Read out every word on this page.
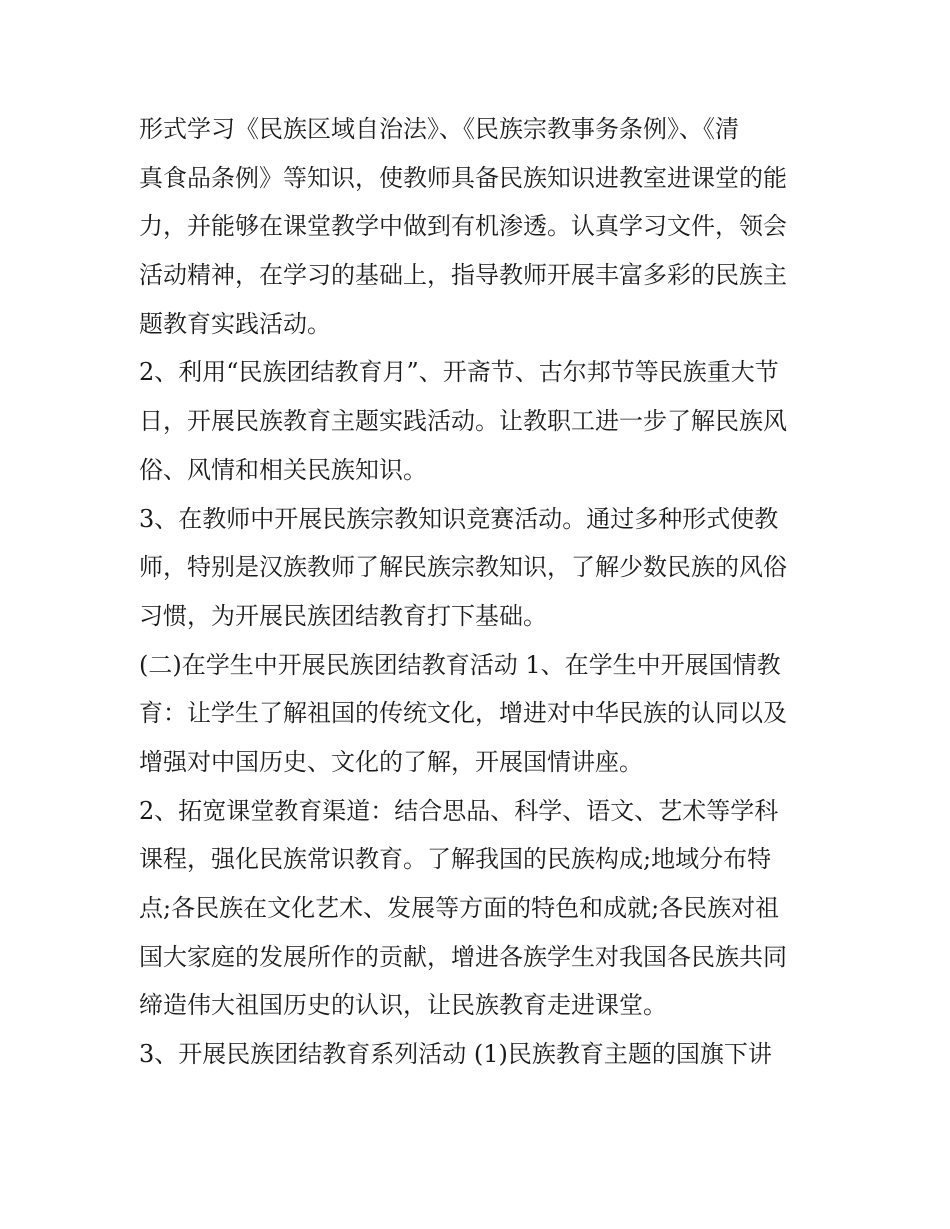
形式学习《民族区域自治法》、《民族宗教事务条例》、《清
真食品条例》等知识，使教师具备民族知识进教室进课堂的能
力，并能够在课堂教学中做到有机渗透。认真学习文件，领会
活动精神，在学习的基础上，指导教师开展丰富多彩的民族主
题教育实践活动。
2、利用“民族团结教育月”、开斋节、古尔邦节等民族重大节
日，开展民族教育主题实践活动。让教职工进一步了解民族风
俗、风情和相关民族知识。
3、在教师中开展民族宗教知识竞赛活动。通过多种形式使教
师，特别是汉族教师了解民族宗教知识，了解少数民族的风俗
习惯，为开展民族团结教育打下基础。
(二)在学生中开展民族团结教育活动 1、在学生中开展国情教
育：让学生了解祖国的传统文化，增进对中华民族的认同以及
增强对中国历史、文化的了解，开展国情讲座。
2、拓宽课堂教育渠道：结合思品、科学、语文、艺术等学科
课程，强化民族常识教育。了解我国的民族构成;地域分布特
点;各民族在文化艺术、发展等方面的特色和成就;各民族对祖
国大家庭的发展所作的贡献，增进各族学生对我国各民族共同
缔造伟大祖国历史的认识，让民族教育走进课堂。
3、开展民族团结教育系列活动 (1)民族教育主题的国旗下讲
